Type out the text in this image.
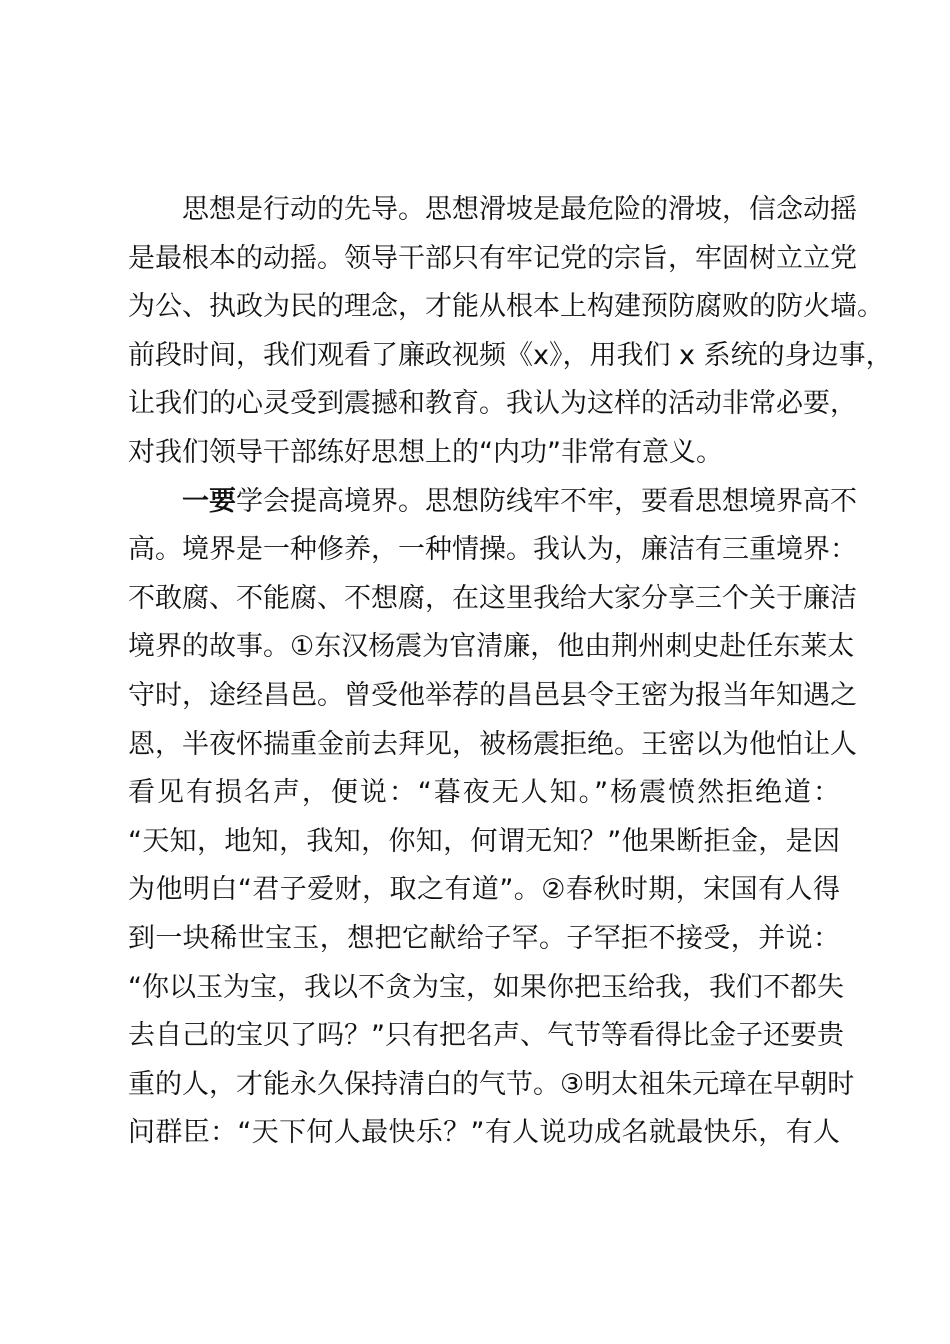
思想是行动的先导。思想滑坡是最危险的滑坡，信念动摇
是最根本的动摇。领导干部只有牢记党的宗旨，牢固树立立党
为公、执政为民的理念，才能从根本上构建预防腐败的防火墙。
前段时间，我们观看了廉政视频《x》，用我们 x 系统的身边事，
让我们的心灵受到震撼和教育。我认为这样的活动非常必要，
对我们领导干部练好思想上的“内功”非常有意义。
一要学会提高境界。思想防线牢不牢，要看思想境界高不
高。境界是一种修养，一种情操。我认为，廉洁有三重境界：
不敢腐、不能腐、不想腐，在这里我给大家分享三个关于廉洁
境界的故事。①东汉杨震为官清廉，他由荆州刺史赴任东莱太
守时，途经昌邑。曾受他举荐的昌邑县令王密为报当年知遇之
恩，半夜怀揣重金前去拜见，被杨震拒绝。王密以为他怕让人
看见有损名声，便说：“暮夜无人知。”杨震愤然拒绝道：
“天知，地知，我知，你知，何谓无知？”他果断拒金，是因
为他明白“君子爱财，取之有道”。②春秋时期，宋国有人得
到一块稀世宝玉，想把它献给子罕。子罕拒不接受，并说：
“你以玉为宝，我以不贪为宝，如果你把玉给我，我们不都失
去自己的宝贝了吗？”只有把名声、气节等看得比金子还要贵
重的人，才能永久保持清白的气节。③明太祖朱元璋在早朝时
问群臣：“天下何人最快乐？”有人说功成名就最快乐，有人
